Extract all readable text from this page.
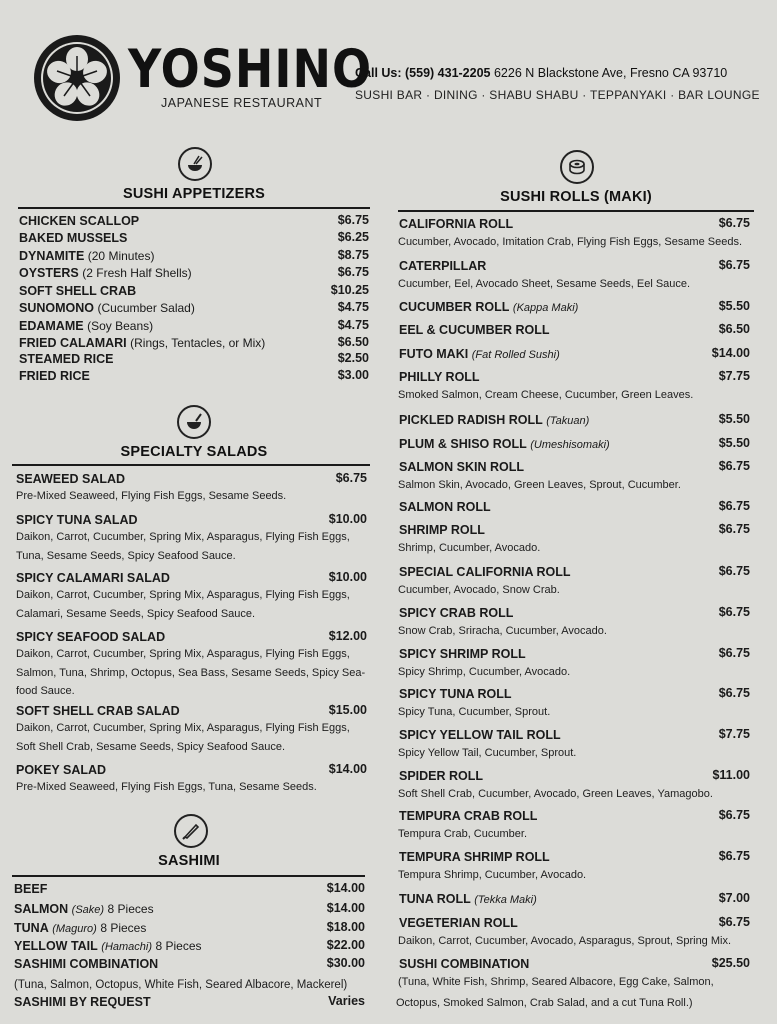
YOSHINO
JAPANESE RESTAURANT
Call Us: (559) 431-2205 6226 N Blackstone Ave, Fresno CA 93710
SUSHI BAR · DINING · SHABU SHABU · TEPPANYAKI · BAR LOUNGE
SUSHI APPETIZERS
CHICKEN SCALLOP	$6.75
BAKED MUSSELS	$6.25
DYNAMITE (20 Minutes)	$8.75
OYSTERS (2 Fresh Half Shells)	$6.75
SOFT SHELL CRAB	$10.25
SUNOMONO (Cucumber Salad)	$4.75
EDAMAME (Soy Beans)	$4.75
FRIED CALAMARI (Rings, Tentacles, or Mix)	$6.50
STEAMED RICE	$2.50
FRIED RICE	$3.00
SPECIALTY SALADS
SEAWEED SALAD	$6.75
Pre-Mixed Seaweed, Flying Fish Eggs, Sesame Seeds.
SPICY TUNA SALAD	$10.00
Daikon, Carrot, Cucumber, Spring Mix, Asparagus, Flying Fish Eggs,
Tuna, Sesame Seeds, Spicy Seafood Sauce.
SPICY CALAMARI SALAD	$10.00
Daikon, Carrot, Cucumber, Spring Mix, Asparagus, Flying Fish Eggs,
Calamari, Sesame Seeds, Spicy Seafood Sauce.
SPICY SEAFOOD SALAD	$12.00
Daikon, Carrot, Cucumber, Spring Mix, Asparagus, Flying Fish Eggs,
Salmon, Tuna, Shrimp, Octopus, Sea Bass, Sesame Seeds, Spicy Sea-
food Sauce.
SOFT SHELL CRAB SALAD	$15.00
Daikon, Carrot, Cucumber, Spring Mix, Asparagus, Flying Fish Eggs,
Soft Shell Crab, Sesame Seeds, Spicy Seafood Sauce.
POKEY SALAD	$14.00
Pre-Mixed Seaweed, Flying Fish Eggs, Tuna, Sesame Seeds.
SASHIMI
BEEF	$14.00
SALMON (Sake) 8 Pieces	$14.00
TUNA (Maguro) 8 Pieces	$18.00
YELLOW TAIL (Hamachi) 8 Pieces	$22.00
SASHIMI COMBINATION	$30.00
(Tuna, Salmon, Octopus, White Fish, Seared Albacore, Mackerel)
SASHIMI BY REQUEST	Varies
SUSHI ROLLS (MAKI)
CALIFORNIA ROLL	$6.75
Cucumber, Avocado, Imitation Crab, Flying Fish Eggs, Sesame Seeds.
CATERPILLAR	$6.75
Cucumber, Eel, Avocado Sheet, Sesame Seeds, Eel Sauce.
CUCUMBER ROLL (Kappa Maki)	$5.50
EEL & CUCUMBER ROLL	$6.50
FUTO MAKI (Fat Rolled Sushi)	$14.00
PHILLY ROLL	$7.75
Smoked Salmon, Cream Cheese, Cucumber, Green Leaves.
PICKLED RADISH ROLL (Takuan)	$5.50
PLUM & SHISO ROLL (Umeshisomaki)	$5.50
SALMON SKIN ROLL	$6.75
Salmon Skin, Avocado, Green Leaves, Sprout, Cucumber.
SALMON ROLL	$6.75
SHRIMP ROLL	$6.75
Shrimp, Cucumber, Avocado.
SPECIAL CALIFORNIA ROLL	$6.75
Cucumber, Avocado, Snow Crab.
SPICY CRAB ROLL	$6.75
Snow Crab, Sriracha, Cucumber, Avocado.
SPICY SHRIMP ROLL	$6.75
Spicy Shrimp, Cucumber, Avocado.
SPICY TUNA ROLL	$6.75
Spicy Tuna, Cucumber, Sprout.
SPICY YELLOW TAIL ROLL	$7.75
Spicy Yellow Tail, Cucumber, Sprout.
SPIDER ROLL	$11.00
Soft Shell Crab, Cucumber, Avocado, Green Leaves, Yamagobo.
TEMPURA CRAB ROLL	$6.75
Tempura Crab, Cucumber.
TEMPURA SHRIMP ROLL	$6.75
Tempura Shrimp, Cucumber, Avocado.
TUNA ROLL (Tekka Maki)	$7.00
VEGETERIAN ROLL	$6.75
Daikon, Carrot, Cucumber, Avocado, Asparagus, Sprout, Spring Mix.
SUSHI COMBINATION	$25.50
(Tuna, White Fish, Shrimp, Seared Albacore, Egg Cake, Salmon,
Octopus, Smoked Salmon, Crab Salad, and a cut Tuna Roll.)
